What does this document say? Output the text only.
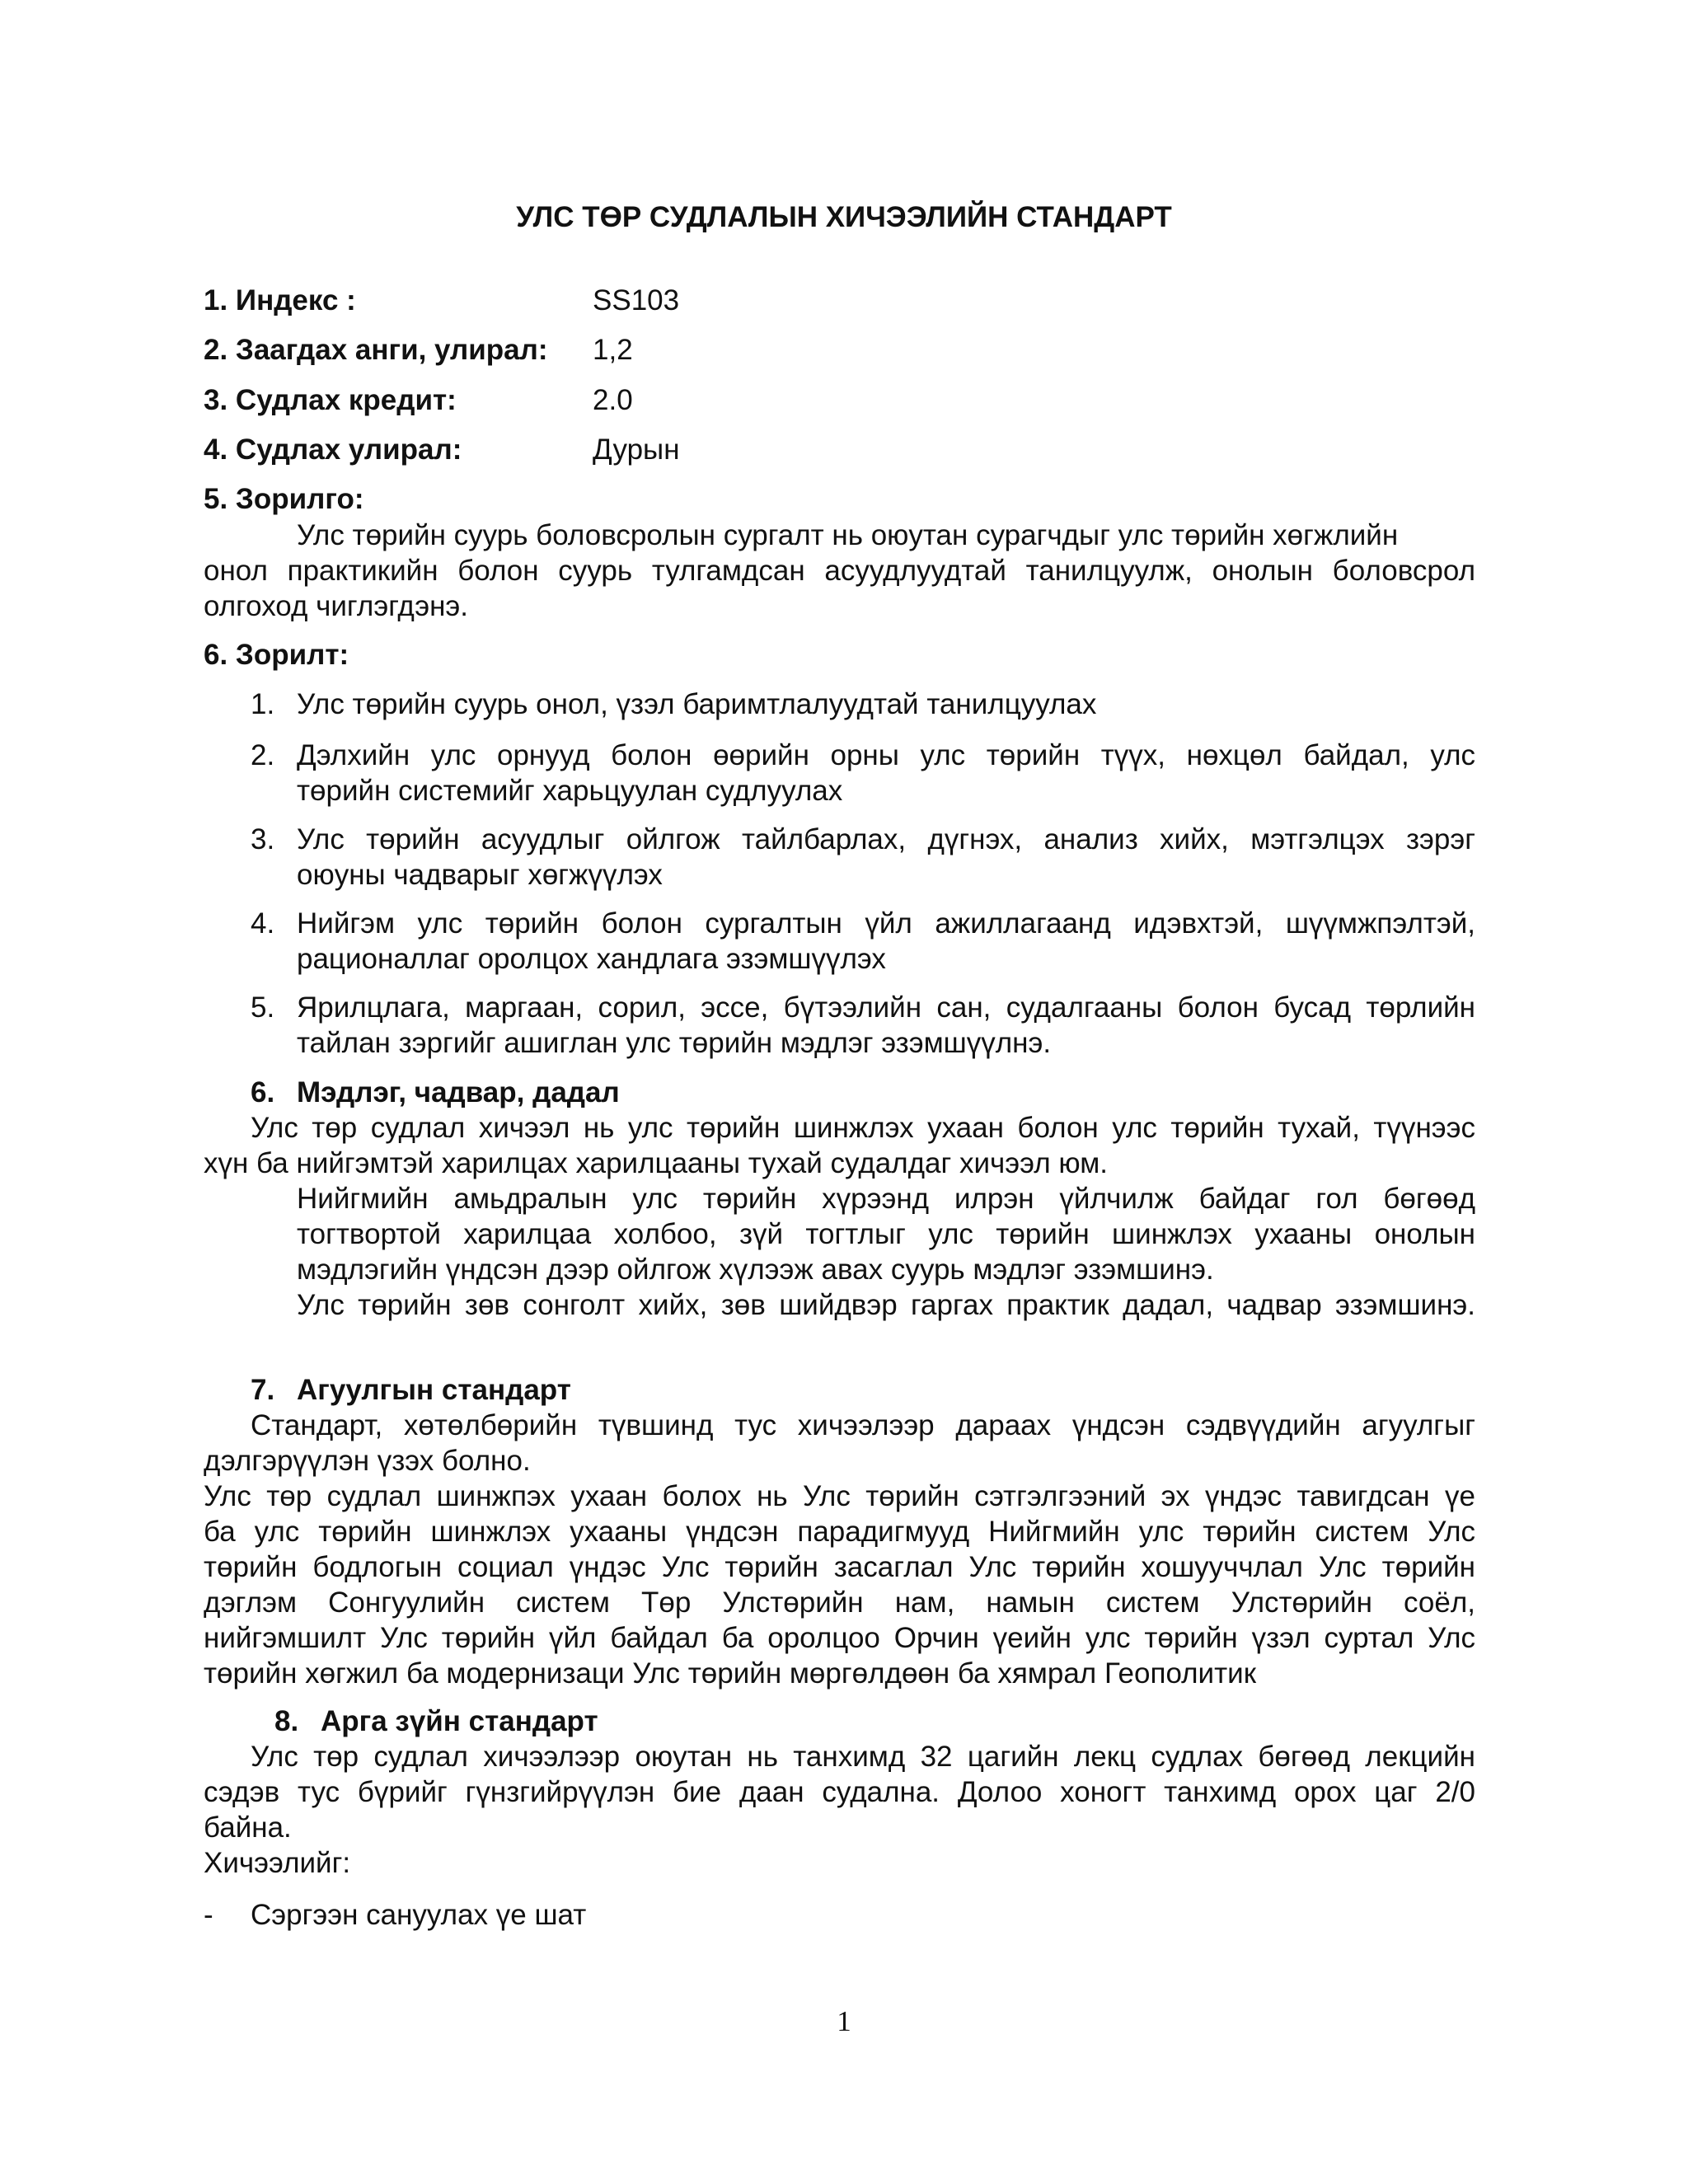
УЛС ТӨР СУДЛАЛЫН ХИЧЭЭЛИЙН СТАНДАРТ
1. Индекс :	SS103
2. Заагдах анги, улирал: 1,2
3. Судлах кредит:	2.0
4. Судлах улирал:	Дурын
5. Зорилго:
Улс төрийн суурь боловсролын сургалт нь оюутан сурагчдыг улс төрийн хөгжлийн
онол практикийн болон суурь тулгамдсан асуудлуудтай танилцуулж, онолын боловсрол
олгоход чиглэгдэнэ.
6. Зорилт:
1. Улс төрийн суурь онол, үзэл баримтлалуудтай танилцуулах
2. Дэлхийн улс орнууд болон өөрийн орны улс төрийн түүх, нөхцөл байдал, улс
төрийн системийг харьцуулан судлуулах
3. Улс төрийн асуудлыг ойлгож тайлбарлах, дүгнэх, анализ хийх, мэтгэлцэх зэрэг
оюуны чадварыг хөгжүүлэх
4. Нийгэм улс төрийн болон сургалтын үйл ажиллагаанд идэвхтэй, шүүмжпэлтэй,
рационаллаг оролцох хандлага эзэмшүүлэх
5. Ярилцлага, маргаан, сорил, эссе, бүтээлийн сан, судалгааны болон бусад төрлийн
тайлан зэргийг ашиглан улс төрийн мэдлэг эзэмшүүлнэ.
6. Мэдлэг, чадвар, дадал
Улс төр судлал хичээл нь улс төрийн шинжлэх ухаан болон улс төрийн тухай, түүнээс
хүн ба нийгэмтэй харилцах харилцааны тухай судалдаг хичээл юм.
Нийгмийн амьдралын улс төрийн хүрээнд илрэн үйлчилж байдаг гол бөгөөд
тогтвортой харилцаа холбоо, зүй тогтлыг улс төрийн шинжлэх ухааны онолын
мэдлэгийн үндсэн дээр ойлгож хүлээж авах суурь мэдлэг эзэмшинэ.
Улс төрийн зөв сонголт хийх, зөв шийдвэр гаргах практик дадал, чадвар эзэмшинэ.
7. Агуулгын стандарт
Стандарт, хөтөлбөрийн түвшинд тус хичээлээр дараах үндсэн сэдвүүдийн агуулгыг
дэлгэрүүлэн үзэх болно.
Улс төр судлал шинжпэх ухаан болох нь Улс төрийн сэтгэлгээний эх үндэс тавигдсан үе
ба улс төрийн шинжлэх ухааны үндсэн парадигмууд Нийгмийн улс төрийн систем Улс
төрийн бодлогын социал үндэс Улс төрийн засаглал Улс төрийн хошууччлал Улс төрийн
дэглэм Сонгуулийн систем Төр Улстөрийн нам, намын систем Улстөрийн соёл,
нийгэмшилт Улс төрийн үйл байдал ба оролцоо Орчин үеийн улс төрийн үзэл суртал Улс
төрийн хөгжил ба модернизаци Улс төрийн мөргөлдөөн ба хямрал Геополитик
8. Арга зүйн стандарт
Улс төр судлал хичээлээр оюутан нь танхимд 32 цагийн лекц судлах бөгөөд лекцийн
сэдэв тус бүрийг гүнзгийрүүлэн бие даан судална. Долоо хоногт танхимд орох цаг 2/0
байна.
Хичээлийг:
- Сэргээн сануулах үе шат
1
